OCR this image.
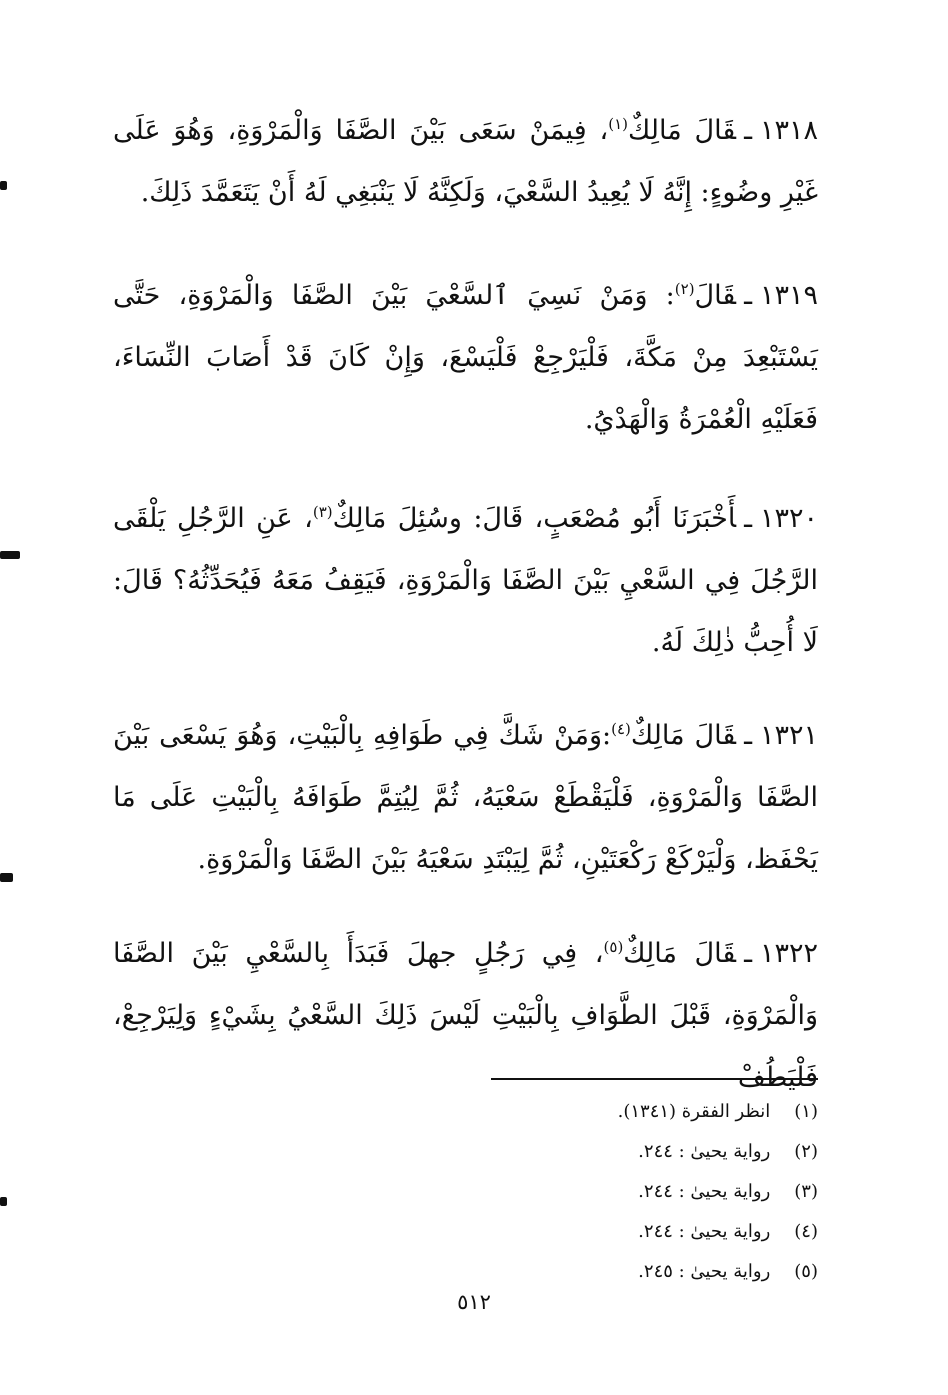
١٣١٨ـقَالَ مَالِكٌ$^{(١)}$، فِيمَنْ سَعَى بَيْنَ الصَّفَا وَالْمَرْوَةِ، وَهُوَ عَلَى غَيْرِ وضُوءٍ: إِنَّهُ لَا يُعِيدُ السَّعْيَ، وَلَكِنَّهُ لَا يَنْبَغِي لَهُ أَنْ يَتَعَمَّدَ ذَلِكَ.
١٣١٩ـقَالَ$^{(٢)}$: وَمَنْ نَسِيَ ٱلسَّعْيَ بَيْنَ الصَّفَا وَالْمَرْوَةِ، حَتَّى يَسْتَبْعِدَ مِنْ مَكَّةَ، فَلْيَرْجِعْ فَلْيَسْعَ، وَإِنْ كَانَ قَدْ أَصَابَ النِّسَاءَ، فَعَلَيْهِ الْعُمْرَةُ وَالْهَدْيُ.
١٣٢٠ـأَخْبَرَنَا أَبُو مُصْعَبٍ، قَالَ: وسُئِلَ مَالِكٌ$^{(٣)}$، عَنِ الرَّجُلِ يَلْقَى الرَّجُلَ فِي السَّعْيِ بَيْنَ الصَّفَا وَالْمَرْوَةِ، فَيَقِفُ مَعَهُ فَيُحَدِّثُهُ؟ قَالَ: لَا أُحِبُّ ذٰلِكَ لَهُ.
١٣٢١ـقَالَ مَالِكٌ$^{(٤)}$:وَمَنْ شَكَّ فِي طَوَافِهِ بِالْبَيْتِ، وَهُوَ يَسْعَى بَيْنَ الصَّفَا وَالْمَرْوَةِ، فَلْيَقْطَعْ سَعْيَهُ، ثُمَّ لِيُتِمَّ طَوَافَهُ بِالْبَيْتِ عَلَى مَا يَحْفَظ، وَلْيَرْكَعْ رَكْعَتَيْنِ، ثُمَّ لِيَبْتَدِ سَعْيَهُ بَيْنَ الصَّفَا وَالْمَرْوَةِ.
١٣٢٢ـقَالَ مَالِكٌ$^{(٥)}$، فِي رَجُلٍ جهلَ فَبَدَأَ بِالسَّعْيِ بَيْنَ الصَّفَا وَالْمَرْوَةِ، قَبْلَ الطَّوَافِ بِالْبَيْتِ لَيْسَ ذَلِكَ السَّعْيُ بِشَيْءٍ وَلِيَرْجِعْ، فَلْيَطُفْ
(١) انظر الفقرة (١٣٤١).
(٢) رواية يحيىٰ : ٢٤٤.
(٣) رواية يحيىٰ : ٢٤٤.
(٤) رواية يحيىٰ : ٢٤٤.
(٥) رواية يحيىٰ : ٢٤٥.
٥١٢
